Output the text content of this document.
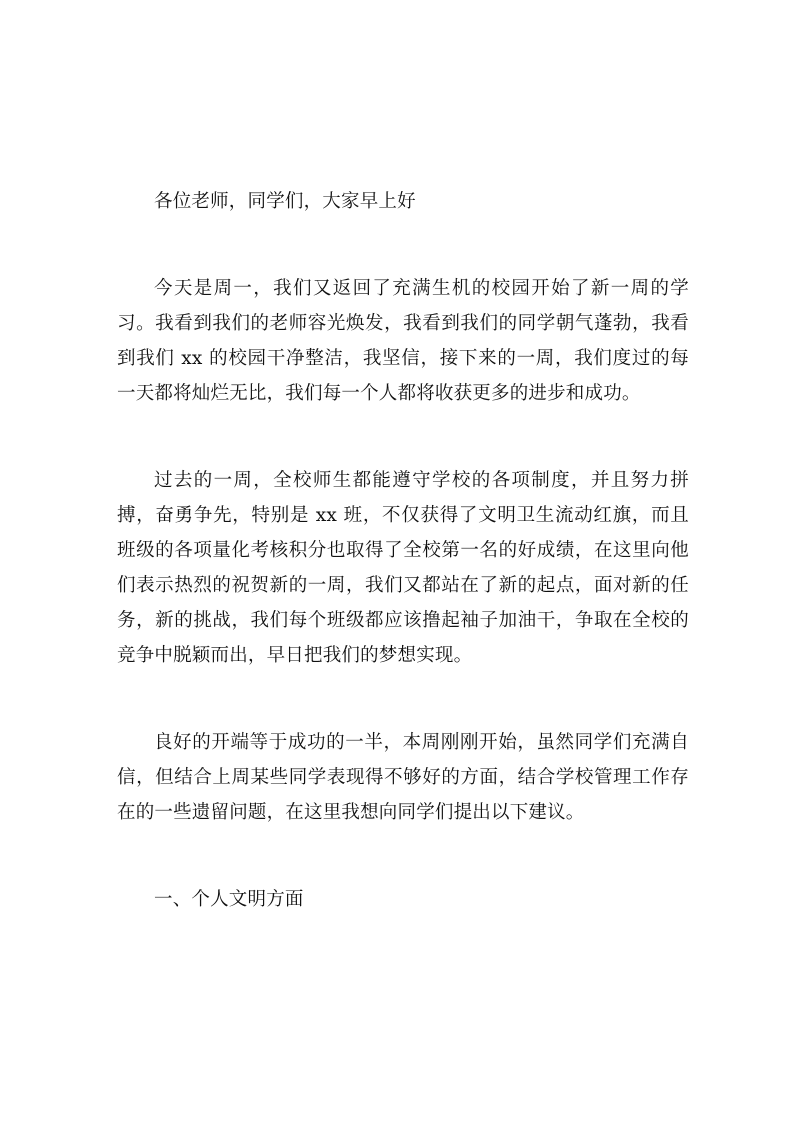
各位老师，同学们，大家早上好

今天是周一，我们又返回了充满生机的校园开始了新一周的学习。我看到我们的老师容光焕发，我看到我们的同学朝气蓬勃，我看到我们 xx 的校园干净整洁，我坚信，接下来的一周，我们度过的每一天都将灿烂无比，我们每一个人都将收获更多的进步和成功。

过去的一周，全校师生都能遵守学校的各项制度，并且努力拼搏，奋勇争先，特别是 xx 班，不仅获得了文明卫生流动红旗，而且班级的各项量化考核积分也取得了全校第一名的好成绩，在这里向他们表示热烈的祝贺新的一周，我们又都站在了新的起点，面对新的任务，新的挑战，我们每个班级都应该撸起袖子加油干，争取在全校的竞争中脱颖而出，早日把我们的梦想实现。

良好的开端等于成功的一半，本周刚刚开始，虽然同学们充满自信，但结合上周某些同学表现得不够好的方面，结合学校管理工作存在的一些遗留问题，在这里我想向同学们提出以下建议。

一、个人文明方面
